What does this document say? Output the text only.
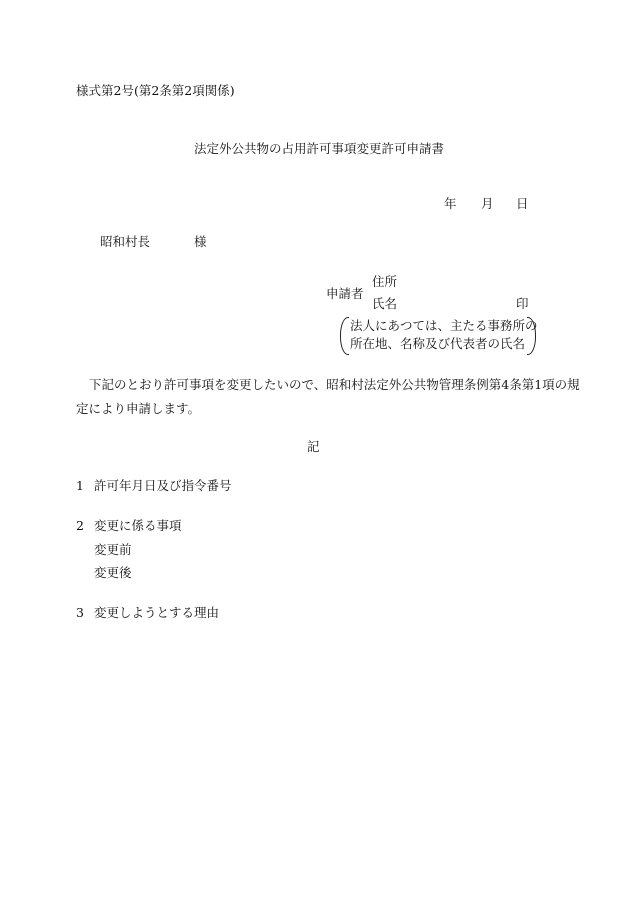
様式第2号(第2条第2項関係)
法定外公共物の占用許可事項変更許可申請書
年 月 日
昭和村長	様
申請者
住所
氏名	印
法人にあつては、主たる事務所の
所在地、名称及び代表者の氏名
下記のとおり許可事項を変更したいので、昭和村法定外公共物管理条例第4条第1項の規
定により申請します。
記
1 許可年月日及び指令番号
2 変更に係る事項
変更前
変更後
3 変更しようとする理由
